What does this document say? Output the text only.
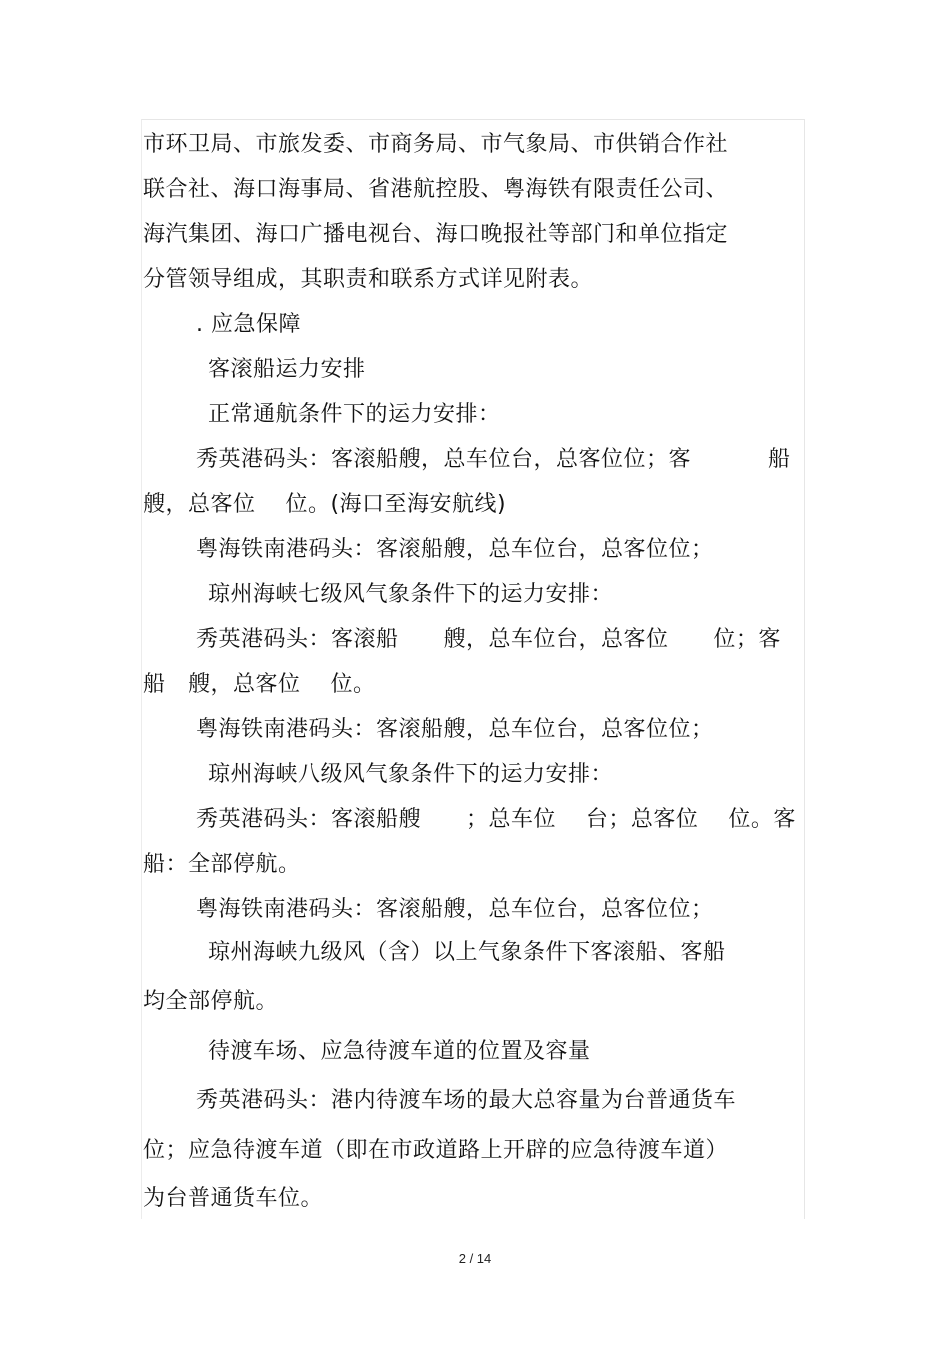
市环卫局、市旅发委、市商务局、市气象局、市供销合作社
联合社、海口海事局、省港航控股、粤海铁有限责任公司、
海汽集团、海口广播电视台、海口晚报社等部门和单位指定
分管领导组成，其职责和联系方式详见附表。
. 应急保障
客滚船运力安排
正常通航条件下的运力安排：
秀英港码头：客滚船艘，总车位台，总客位位；客	船
艘，总客位    位。(海口至海安航线)
粤海铁南港码头：客滚船艘，总车位台，总客位位；
琼州海峡七级风气象条件下的运力安排：
秀英港码头：客滚船      艘，总车位台，总客位      位；客
船   艘，总客位    位。
粤海铁南港码头：客滚船艘，总车位台，总客位位；
琼州海峡八级风气象条件下的运力安排：
秀英港码头：客滚船艘      ；总车位    台；总客位    位。客
船：全部停航。
粤海铁南港码头：客滚船艘，总车位台，总客位位；
琼州海峡九级风（含）以上气象条件下客滚船、客船
均全部停航。
待渡车场、应急待渡车道的位置及容量
秀英港码头：港内待渡车场的最大总容量为台普通货车
位；应急待渡车道（即在市政道路上开辟的应急待渡车道）
为台普通货车位。
2 / 14
